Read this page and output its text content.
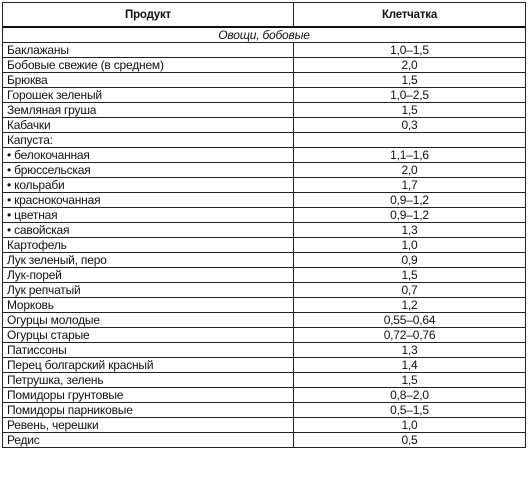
Продукт	Клетчатка
Овощи, бобовые	
Баклажаны	1,0–1,5
Бобовые свежие (в среднем)	2,0
Брюква	1,5
Горошек зеленый	1,0–2,5
Земляная груша	1,5
Кабачки	0,3
Капуста:	
• белокочанная	1,1–1,6
• брюссельская	2,0
• кольраби	1,7
• краснокочанная	0,9–1,2
• цветная	0,9–1,2
• савойская	1,3
Картофель	1,0
Лук зеленый, перо	0,9
Лук-порей	1,5
Лук репчатый	0,7
Морковь	1,2
Огурцы молодые	0,55–0,64
Огурцы старые	0,72–0,76
Патиссоны	1,3
Перец болгарский красный	1,4
Петрушка, зелень	1,5
Помидоры грунтовые	0,8–2,0
Помидоры парниковые	0,5–1,5
Ревень, черешки	1,0
Редис	0,5
